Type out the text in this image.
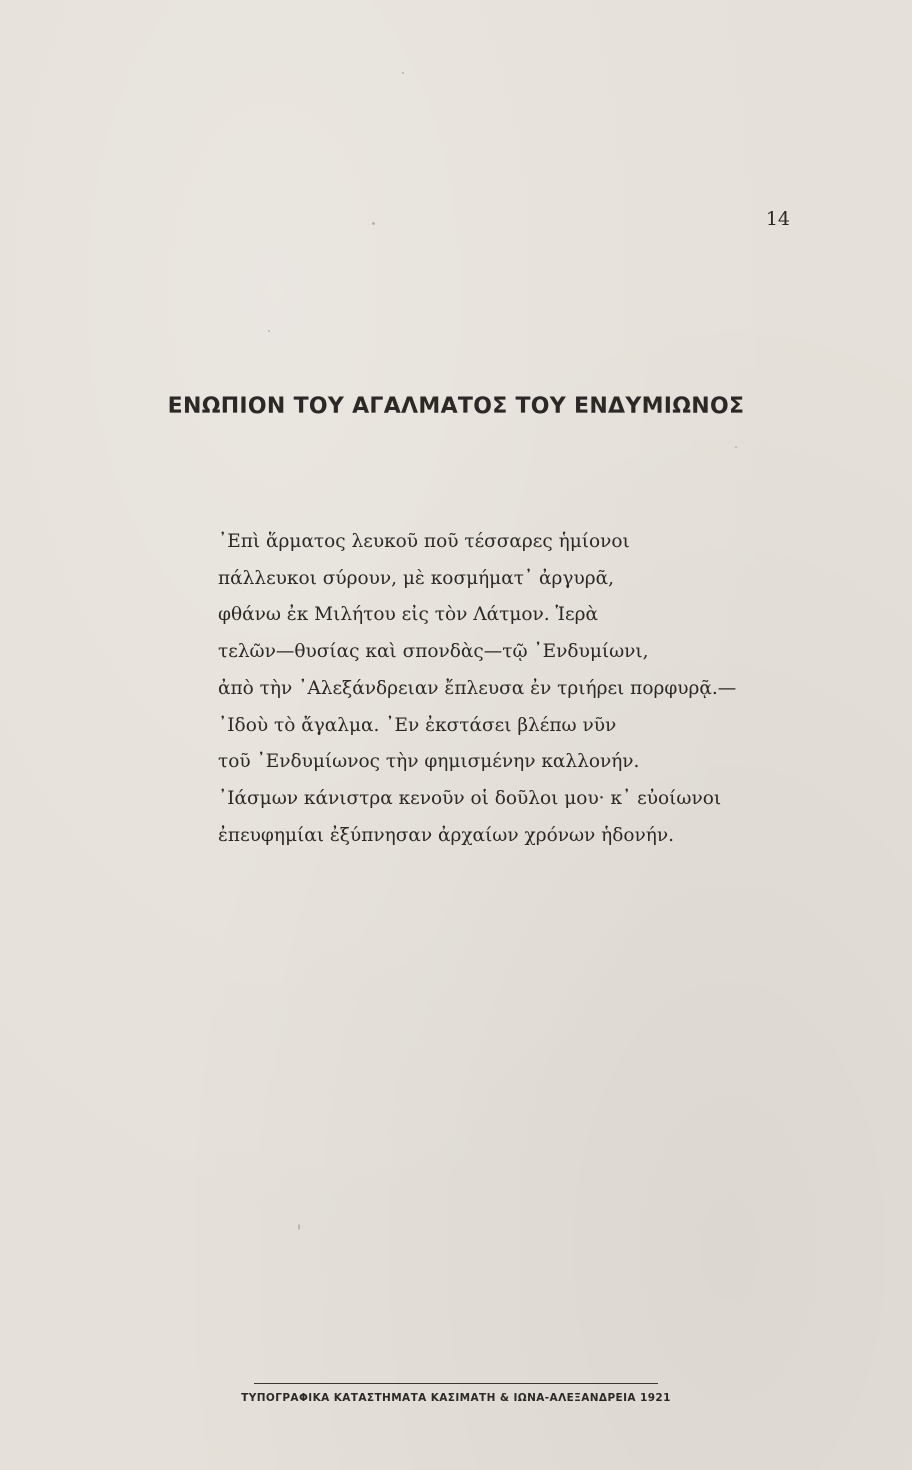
14
ΕΝΩΠΙΟΝ ΤΟΥ ΑΓΑΛΜΑΤΟΣ ΤΟΥ ΕΝΔΥΜΙΩΝΟΣ
᾿Επὶ ἅρματος λευκοῦ ποῦ τέσσαρες ἡμίονοι
πάλλευκοι σύρουν, μὲ κοσμήματ᾿ ἀργυρᾶ,
φθάνω ἐκ Μιλήτου εἰς τὸν Λάτμον. Ἱερὰ
τελῶν—θυσίας καὶ σπονδὰς—τῷ ᾿Ενδυμίωνι,
ἀπὸ τὴν ᾿Αλεξάνδρειαν ἔπλευσα ἐν τριήρει πορφυρᾷ.—
᾿Ιδοὺ τὸ ἄγαλμα. ᾿Εν ἐκστάσει βλέπω νῦν
τοῦ ᾿Ενδυμίωνος τὴν φημισμένην καλλονήν.
᾿Ιάσμων κάνιστρα κενοῦν οἱ δοῦλοι μου· κ᾿ εὐοίωνοι
ἐπευφημίαι ἐξύπνησαν ἀρχαίων χρόνων ἡδονήν.
ΤΥΠΟΓΡΑΦΙΚΑ ΚΑΤΑΣΤΗΜΑΤΑ ΚΑΣΙΜΑΤΗ & ΙΩΝΑ-ΑΛΕΞΑΝΔΡΕΙΑ 1921
